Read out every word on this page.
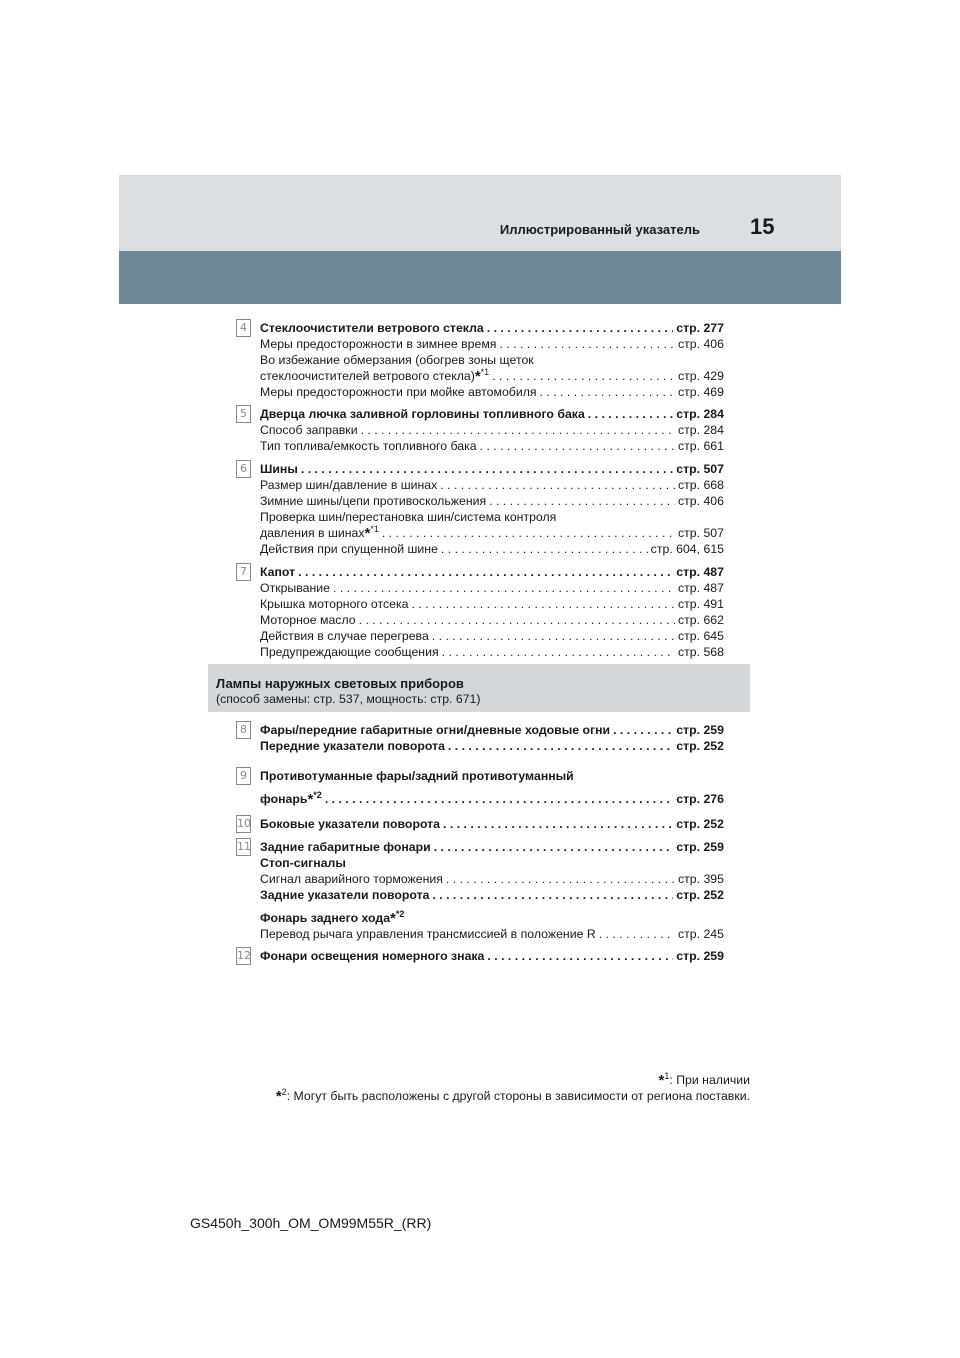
Иллюстрированный указатель 15
4	Стеклоочистители ветрового стекла . . .	стр. 277
Меры предосторожности в зимнее время . . .	стр. 406
Во избежание обмерзания (обогрев зоны щеток
стеклоочистителей ветрового стекла)*$^{*1}$ . . .	стр. 429
Меры предосторожности при мойке автомобиля . . .	стр. 469
5	Дверца лючка заливной горловины топливного бака . . .	стр. 284
Способ заправки . . .	стр. 284
Тип топлива/емкость топливного бака . . .	стр. 661
6	Шины . . .	стр. 507
Размер шин/давление в шинах . . .	стр. 668
Зимние шины/цепи противоскольжения . . .	стр. 406
Проверка шин/перестановка шин/система контроля
давления в шинах*$^{*1}$ . . .	стр. 507
Действия при спущенной шине . . .	стр. 604, 615
7	Капот . . .	стр. 487
Открывание . . .	стр. 487
Крышка моторного отсека . . .	стр. 491
Моторное масло . . .	стр. 662
Действия в случае перегрева . . .	стр. 645
Предупреждающие сообщения . . .	стр. 568
Лампы наружных световых приборов
(способ замены: стр. 537, мощность: стр. 671)
8	Фары/передние габаритные огни/дневные ходовые огни . . .	стр. 259
Передние указатели поворота . . .	стр. 252
9	Противотуманные фары/задний противотуманный
фонарь*$^{*2}$ . . .	стр. 276
10 Боковые указатели поворота . . .	стр. 252
11 Задние габаритные фонари . . .	стр. 259
Стоп-сигналы
Сигнал аварийного торможения . . .	стр. 395
Задние указатели поворота . . .	стр. 252
Фонарь заднего хода*$^{*2}$
Перевод рычага управления трансмиссией в положение R . . .	стр. 245
12 Фонари освещения номерного знака . . .	стр. 259
*$^1$: При наличии
*$^2$: Могут быть расположены с другой стороны в зависимости от региона поставки.
GS450h_300h_OM_OM99M55R_(RR)
